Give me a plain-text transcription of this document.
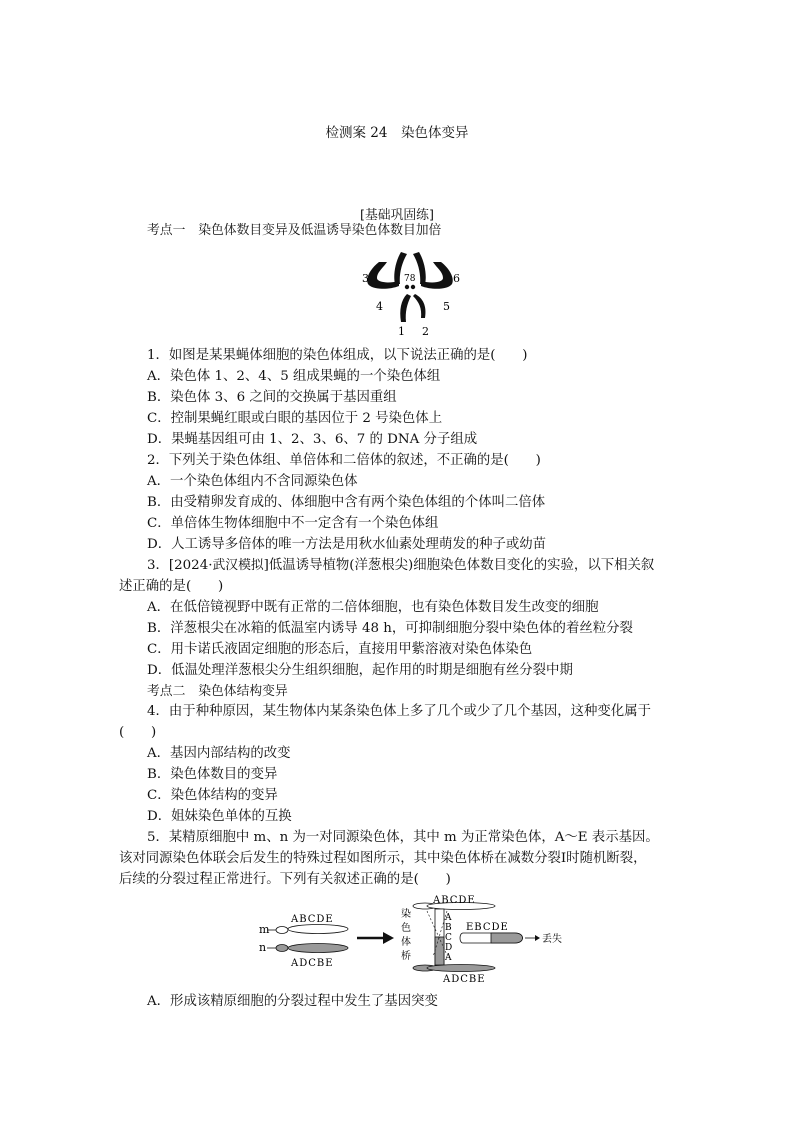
检测案 24　染色体变异
[基础巩固练]
考点一　染色体数目变异及低温诱导染色体数目加倍
3	78	6
4	5
1 2
1．如图是某果蝇体细胞的染色体组成，以下说法正确的是(　　)
A．染色体 1、2、4、5 组成果蝇的一个染色体组
B．染色体 3、6 之间的交换属于基因重组
C．控制果蝇红眼或白眼的基因位于 2 号染色体上
D．果蝇基因组可由 1、2、3、6、7 的 DNA 分子组成
2．下列关于染色体组、单倍体和二倍体的叙述，不正确的是(　　)
A．一个染色体组内不含同源染色体
B．由受精卵发育成的、体细胞中含有两个染色体组的个体叫二倍体
C．单倍体生物体细胞中不一定含有一个染色体组
D．人工诱导多倍体的唯一方法是用秋水仙素处理萌发的种子或幼苗
3．[2024·武汉模拟]低温诱导植物(洋葱根尖)细胞染色体数目变化的实验，以下相关叙
述正确的是(　　)
A．在低倍镜视野中既有正常的二倍体细胞，也有染色体数目发生改变的细胞
B．洋葱根尖在冰箱的低温室内诱导 48 h，可抑制细胞分裂中染色体的着丝粒分裂
C．用卡诺氏液固定细胞的形态后，直接用甲紫溶液对染色体染色
D．低温处理洋葱根尖分生组织细胞，起作用的时期是细胞有丝分裂中期
考点二　染色体结构变异
4．由于种种原因，某生物体内某条染色体上多了几个或少了几个基因，这种变化属于
(　　)
A．基因内部结构的改变
B．染色体数目的变异
C．染色体结构的变异
D．姐妹染色单体的互换
5．某精原细胞中 m、n 为一对同源染色体，其中 m 为正常染色体，A～E 表示基因。
该对同源染色体联会后发生的特殊过程如图所示，其中染色体桥在减数分裂Ⅰ时随机断裂，
后续的分裂过程正常进行。下列有关叙述正确的是(　　)
m
ABCDE
n
ADCBE
染
色
体
桥
ABCDE
A
B
C
D
A
ADCBE
EBCDE
丢失
A．形成该精原细胞的分裂过程中发生了基因突变
